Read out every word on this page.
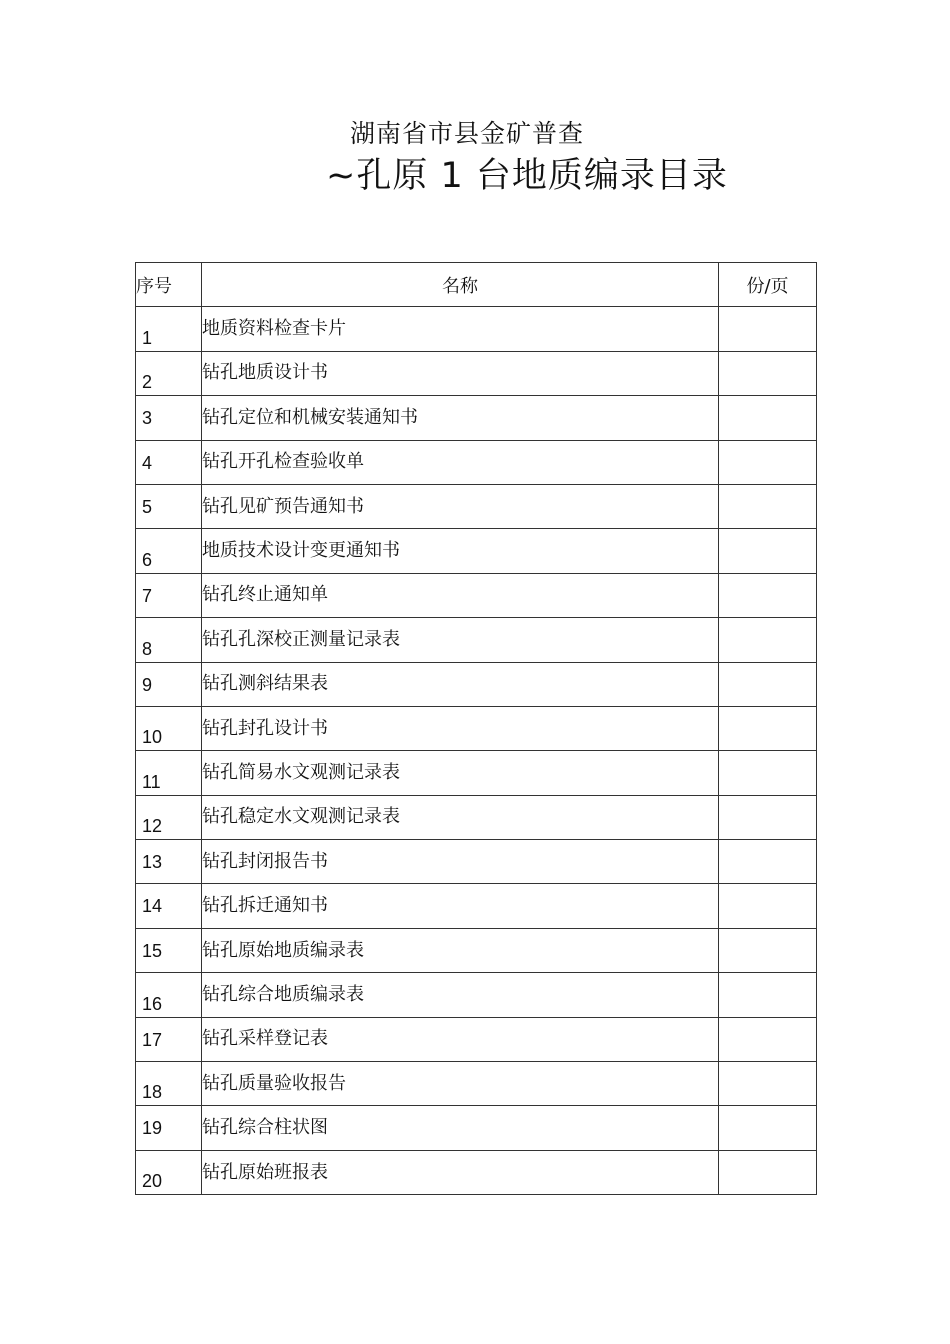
湖南省市县金矿普查
~孔原 1 台地质编录目录
序号	名称	份/页

1	地质资料检查卡片	

2	钻孔地质设计书	

3	钻孔定位和机械安装通知书	

4	钻孔开孔检查验收单	

5	钻孔见矿预告通知书	

6	地质技术设计变更通知书	

7	钻孔终止通知单	

8	钻孔孔深校正测量记录表	

9	钻孔测斜结果表	

10	钻孔封孔设计书	

11	钻孔简易水文观测记录表	

12	钻孔稳定水文观测记录表	

13	钻孔封闭报告书	

14	钻孔拆迁通知书	

15	钻孔原始地质编录表	

16	钻孔综合地质编录表	

17	钻孔采样登记表	

18	钻孔质量验收报告	

19	钻孔综合柱状图	

20	钻孔原始班报表	
